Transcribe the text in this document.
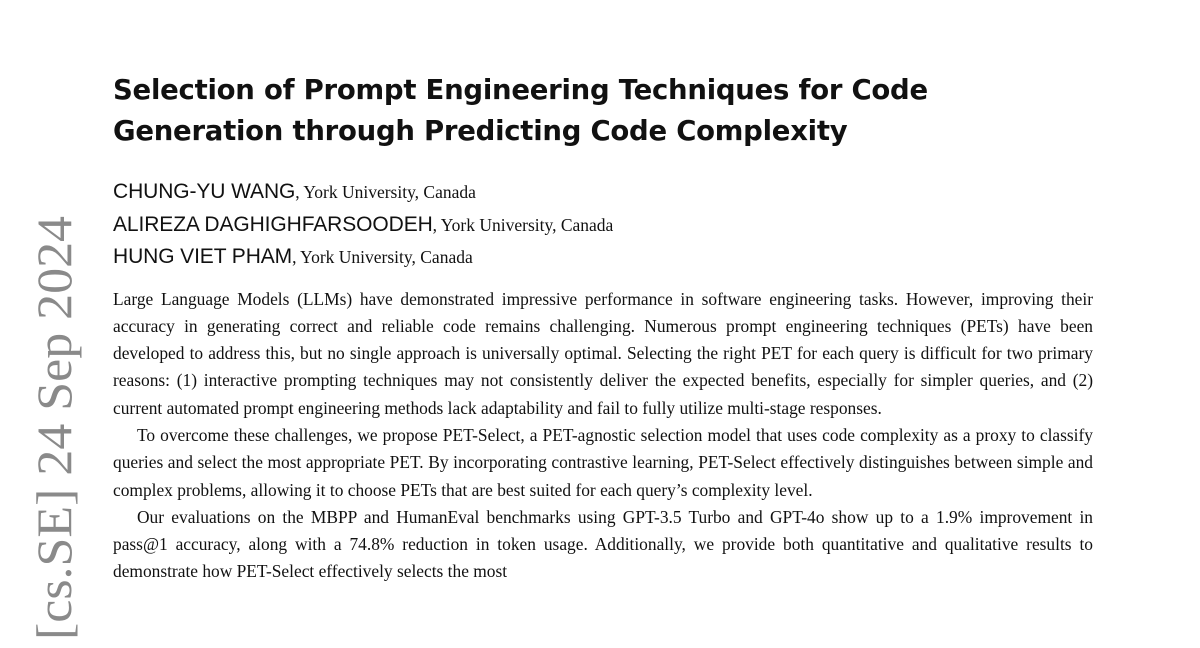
[cs.SE] 24 Sep 2024
Selection of Prompt Engineering Techniques for Code Generation through Predicting Code Complexity
CHUNG-YU WANG, York University, Canada
ALIREZA DAGHIGHFARSOODEH, York University, Canada
HUNG VIET PHAM, York University, Canada

Large Language Models (LLMs) have demonstrated impressive performance in software engineering tasks. However, improving their accuracy in generating correct and reliable code remains challenging. Numerous prompt engineering techniques (PETs) have been developed to address this, but no single approach is universally optimal. Selecting the right PET for each query is difficult for two primary reasons: (1) interactive prompting techniques may not consistently deliver the expected benefits, especially for simpler queries, and (2) current automated prompt engineering methods lack adaptability and fail to fully utilize multi-stage responses.

To overcome these challenges, we propose PET-Select, a PET-agnostic selection model that uses code complexity as a proxy to classify queries and select the most appropriate PET. By incorporating contrastive learning, PET-Select effectively distinguishes between simple and complex problems, allowing it to choose PETs that are best suited for each query’s complexity level.

Our evaluations on the MBPP and HumanEval benchmarks using GPT-3.5 Turbo and GPT-4o show up to a 1.9% improvement in pass@1 accuracy, along with a 74.8% reduction in token usage. Additionally, we provide both quantitative and qualitative results to demonstrate how PET-Select effectively selects the most
